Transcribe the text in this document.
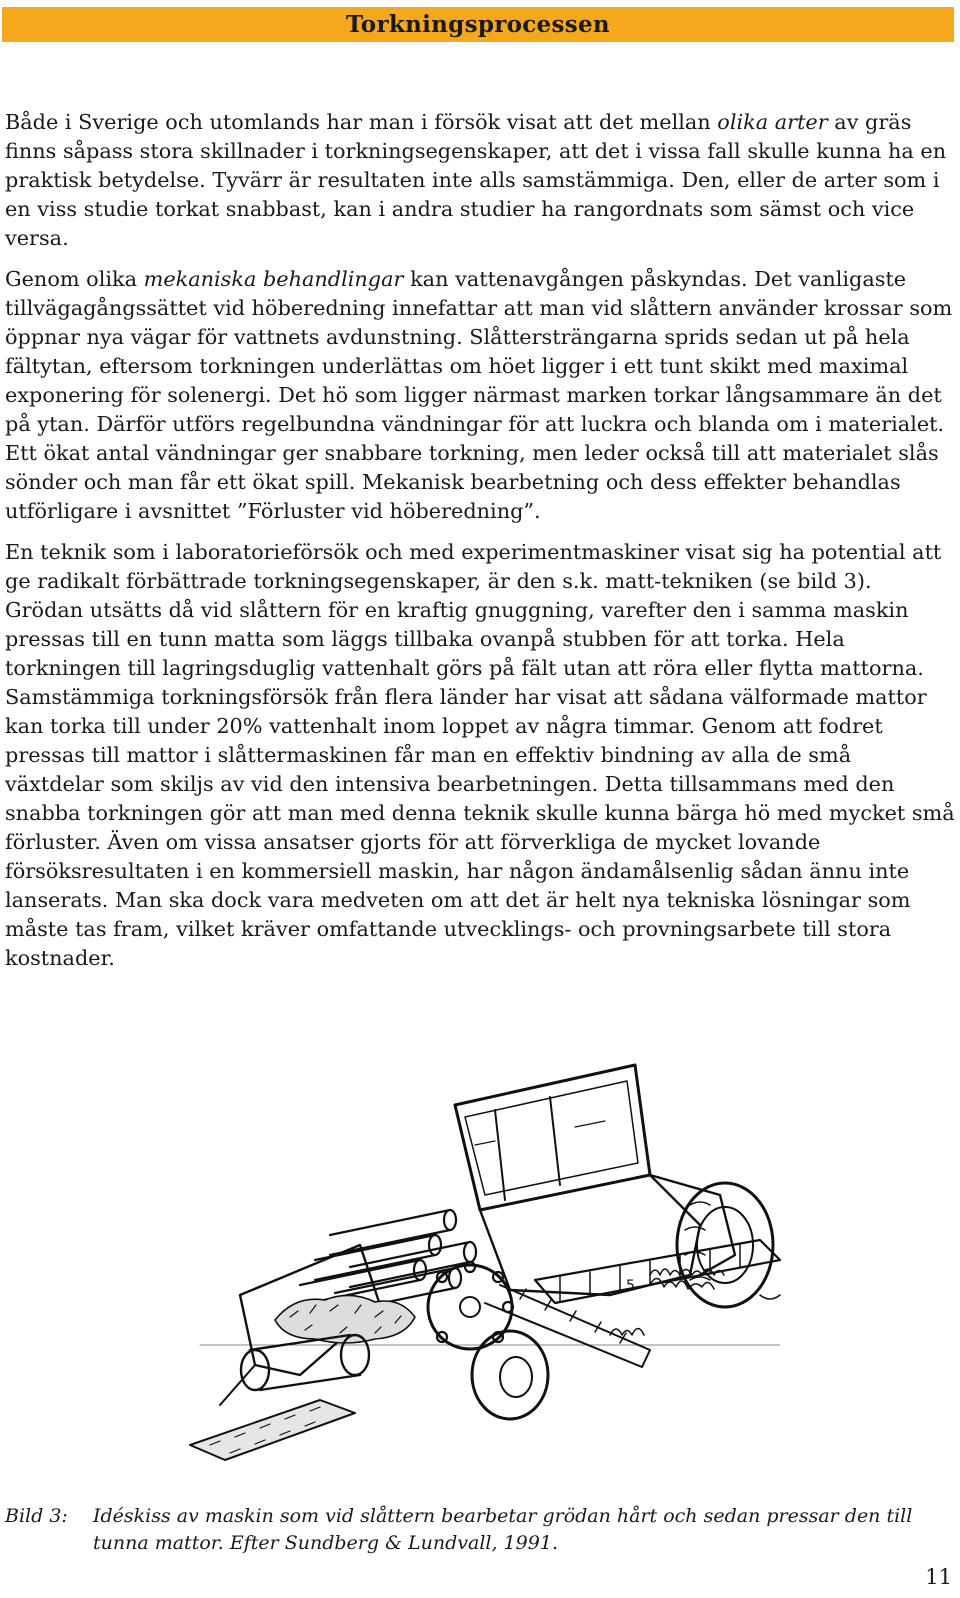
Torkningsprocessen

Både i Sverige och utomlands har man i försök visat att det mellan olika arter av gräs finns såpass stora skillnader i torkningsegenskaper, att det i vissa fall skulle kunna ha en praktisk betydelse. Tyvärr är resultaten inte alls samstämmiga. Den, eller de arter som i en viss studie torkat snabbast, kan i andra studier ha rangordnats som sämst och vice versa.

Genom olika mekaniska behandlingar kan vattenavgången påskyndas. Det vanligaste tillvägagångssättet vid höberedning innefattar att man vid slåttern använder krossar som öppnar nya vägar för vattnets avdunstning. Slåttersträngarna sprids sedan ut på hela fältytan, eftersom torkningen underlättas om höet ligger i ett tunt skikt med maximal exponering för solenergi. Det hö som ligger närmast marken torkar långsammare än det på ytan. Därför utförs regelbundna vändningar för att luckra och blanda om i materialet. Ett ökat antal vändningar ger snabbare torkning, men leder också till att materialet slås sönder och man får ett ökat spill. Mekanisk bearbetning och dess effekter behandlas utförligare i avsnittet ”Förluster vid höberedning”.

En teknik som i laboratorieförsök och med experimentmaskiner visat sig ha potential att ge radikalt förbättrade torkningsegenskaper, är den s.k. matt-tekniken (se bild 3). Grödan utsätts då vid slåttern för en kraftig gnuggning, varefter den i samma maskin pressas till en tunn matta som läggs tillbaka ovanpå stubben för att torka. Hela torkningen till lagringsduglig vattenhalt görs på fält utan att röra eller flytta mattorna. Samstämmiga torkningsförsök från flera länder har visat att sådana välformade mattor kan torka till under 20% vattenhalt inom loppet av några timmar. Genom att fodret pressas till mattor i slåttermaskinen får man en effektiv bindning av alla de små växtdelar som skiljs av vid den intensiva bearbetningen. Detta tillsammans med den snabba torkningen gör att man med denna teknik skulle kunna bärga hö med mycket små förluster. Även om vissa ansatser gjorts för att förverkliga de mycket lovande försöksresultaten i en kommersiell maskin, har någon ändamålsenlig sådan ännu inte lanserats. Man ska dock vara medveten om att det är helt nya tekniska lösningar som måste tas fram, vilket kräver omfattande utvecklings- och provningsarbete till stora kostnader.

5
Bild 3:	Idéskiss av maskin som vid slåttern bearbetar grödan hårt och sedan pressar den till tunna mattor. Efter Sundberg & Lundvall, 1991.
11
